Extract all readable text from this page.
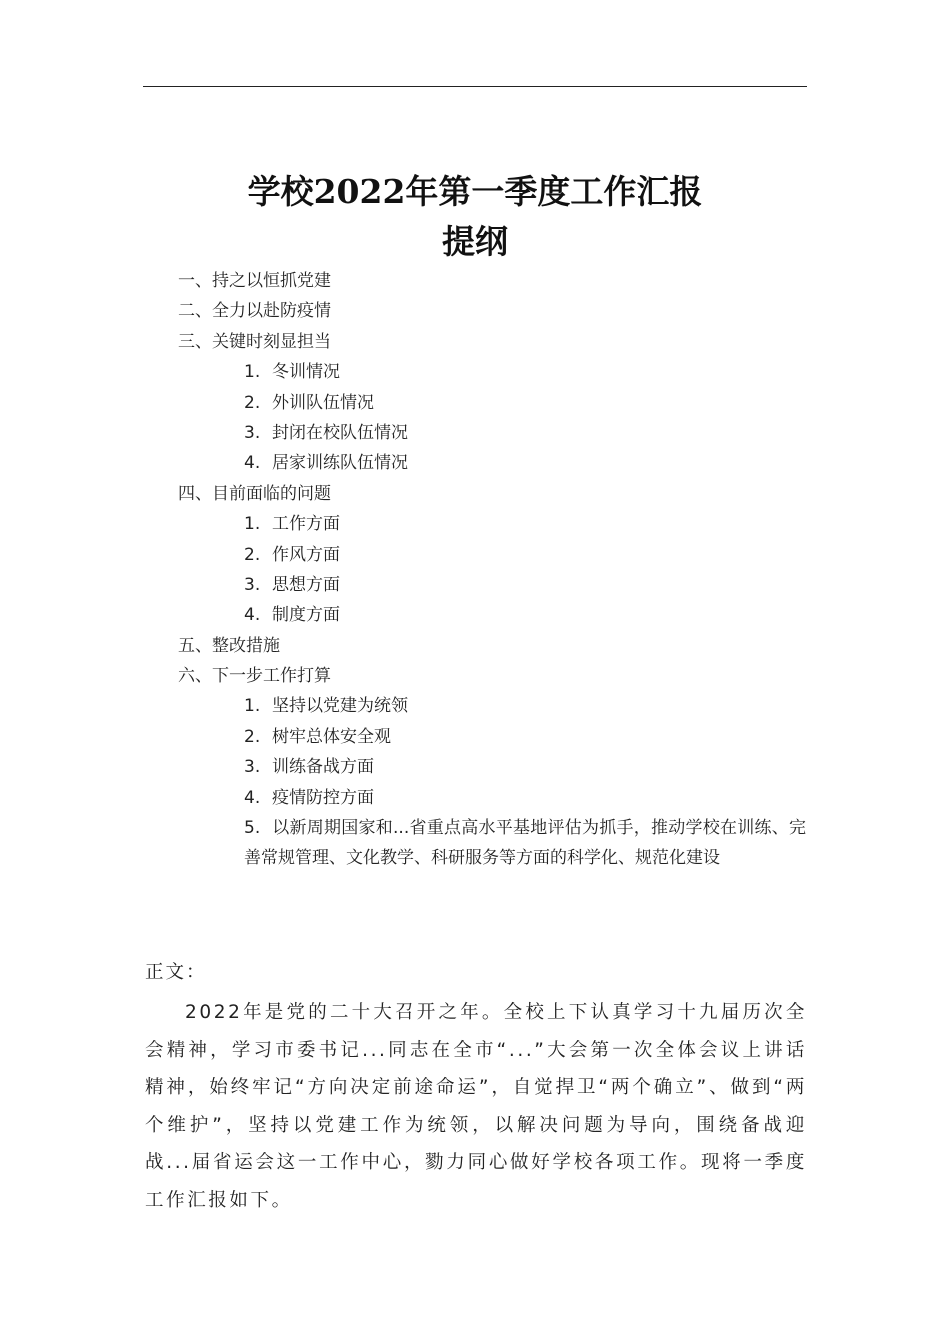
学校2022年第一季度工作汇报
提纲
一、持之以恒抓党建
二、全力以赴防疫情
三、关键时刻显担当
1. 冬训情况
2. 外训队伍情况
3. 封闭在校队伍情况
4. 居家训练队伍情况
四、目前面临的问题
1. 工作方面
2. 作风方面
3. 思想方面
4. 制度方面
五、整改措施
六、下一步工作打算
1. 坚持以党建为统领
2. 树牢总体安全观
3. 训练备战方面
4. 疫情防控方面
5. 以新周期国家和...省重点高水平基地评估为抓手，推动学校在训练、完善常规管理、文化教学、科研服务等方面的科学化、规范化建设
正文：

2022年是党的二十大召开之年。全校上下认真学习十九届历次全会精神，学习市委书记...同志在全市“...”大会第一次全体会议上讲话精神，始终牢记“方向决定前途命运”，自觉捍卫“两个确立”、做到“两个维护”，坚持以党建工作为统领，以解决问题为导向，围绕备战迎战...届省运会这一工作中心，勠力同心做好学校各项工作。现将一季度工作汇报如下。
